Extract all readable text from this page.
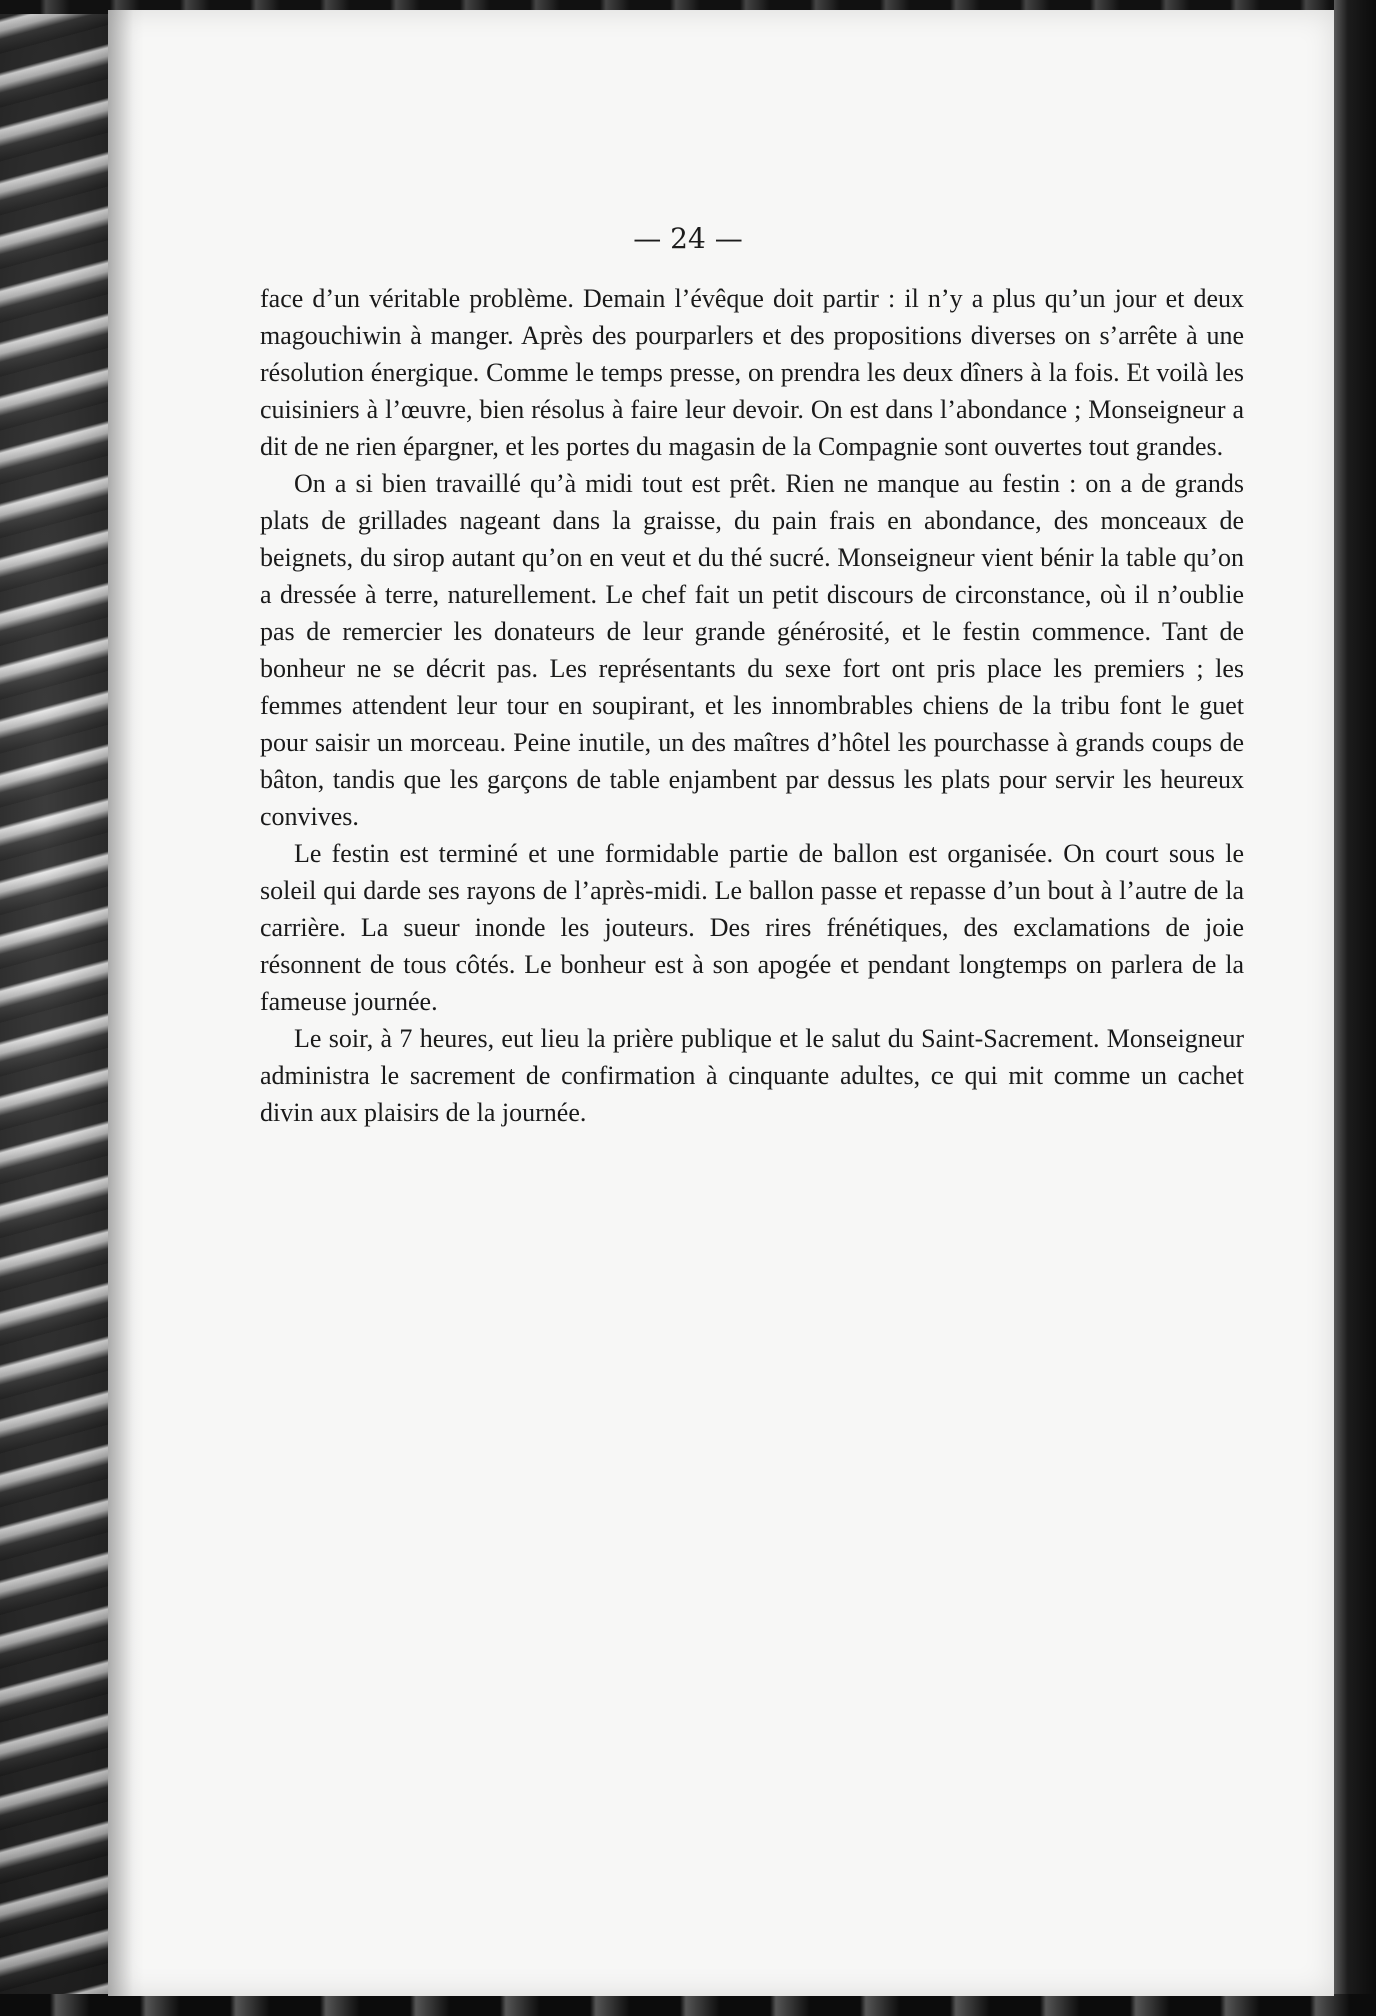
— 24 —

face d’un véritable problème. Demain l’évêque doit partir : il n’y a plus qu’un jour et deux magouchiwin à manger. Après des pourparlers et des propositions diverses on s’arrête à une résolution énergique. Comme le temps presse, on prendra les deux dîners à la fois. Et voilà les cuisiniers à l’œuvre, bien résolus à faire leur devoir. On est dans l’abondance ; Monseigneur a dit de ne rien épargner, et les portes du magasin de la Compagnie sont ouvertes tout grandes.

On a si bien travaillé qu’à midi tout est prêt. Rien ne manque au festin : on a de grands plats de grillades nageant dans la graisse, du pain frais en abondance, des monceaux de beignets, du sirop autant qu’on en veut et du thé sucré. Monseigneur vient bénir la table qu’on a dressée à terre, naturellement. Le chef fait un petit discours de circonstance, où il n’oublie pas de remercier les donateurs de leur grande générosité, et le festin commence. Tant de bonheur ne se décrit pas. Les représentants du sexe fort ont pris place les premiers ; les femmes attendent leur tour en soupirant, et les innombrables chiens de la tribu font le guet pour saisir un morceau. Peine inutile, un des maîtres d’hôtel les pourchasse à grands coups de bâton, tandis que les garçons de table enjambent par dessus les plats pour servir les heureux convives.

Le festin est terminé et une formidable partie de ballon est organisée. On court sous le soleil qui darde ses rayons de l’après-midi. Le ballon passe et repasse d’un bout à l’autre de la carrière. La sueur inonde les jouteurs. Des rires frénétiques, des exclamations de joie résonnent de tous côtés. Le bonheur est à son apogée et pendant longtemps on parlera de la fameuse journée.

Le soir, à 7 heures, eut lieu la prière publique et le salut du Saint-Sacrement. Monseigneur administra le sacrement de confirmation à cinquante adultes, ce qui mit comme un cachet divin aux plaisirs de la journée.
